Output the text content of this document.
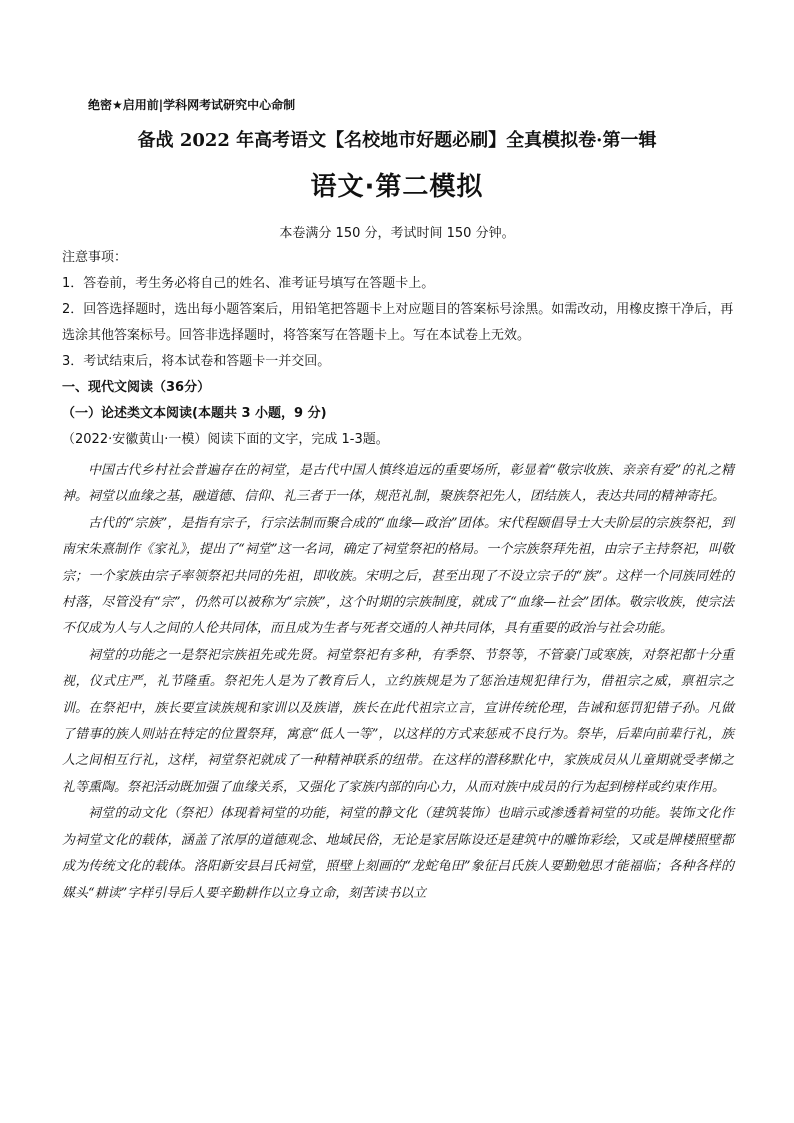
绝密★启用前|学科网考试研究中心命制
备战 2022 年高考语文【名校地市好题必刷】全真模拟卷·第一辑
语文·第二模拟
本卷满分 150 分，考试时间 150 分钟。

注意事项：

1．答卷前，考生务必将自己的姓名、准考证号填写在答题卡上。

2．回答选择题时，选出每小题答案后，用铅笔把答题卡上对应题目的答案标号涂黑。如需改动，用橡皮擦干净后，再选涂其他答案标号。回答非选择题时，将答案写在答题卡上。写在本试卷上无效。

3．考试结束后，将本试卷和答题卡一并交回。

一、现代文阅读（36分）

（一）论述类文本阅读(本题共 3 小题，9 分)

（2022·安徽黄山·一模）阅读下面的文字，完成 1-3题。

中国古代乡村社会普遍存在的祠堂，是古代中国人慎终追远的重要场所，彰显着“敬宗收族、亲亲有爱”的礼之精神。祠堂以血缘之基，融道德、信仰、礼三者于一体，规范礼制，聚族祭祀先人，团结族人，表达共同的精神寄托。

古代的“宗族”，是指有宗子，行宗法制而聚合成的“血缘—政治”团体。宋代程颐倡导士大夫阶层的宗族祭祀，到南宋朱熹制作《家礼》，提出了“祠堂”这一名词，确定了祠堂祭祀的格局。一个宗族祭拜先祖，由宗子主持祭祀，叫敬宗；一个家族由宗子率领祭祀共同的先祖，即收族。宋明之后，甚至出现了不设立宗子的“族”。这样一个同族同姓的村落，尽管没有“宗”，仍然可以被称为“宗族”，这个时期的宗族制度，就成了“血缘—社会”团体。敬宗收族，使宗法不仅成为人与人之间的人伦共同体，而且成为生者与死者交通的人神共同体，具有重要的政治与社会功能。

祠堂的功能之一是祭祀宗族祖先或先贤。祠堂祭祀有多种，有季祭、节祭等，不管豪门或寒族，对祭祀都十分重视，仪式庄严，礼节隆重。祭祀先人是为了教育后人，立约族规是为了惩治违规犯律行为，借祖宗之威，禀祖宗之训。在祭祀中，族长要宣读族规和家训以及族谱，族长在此代祖宗立言，宣讲传统伦理，告诫和惩罚犯错子孙。凡做了错事的族人则站在特定的位置祭拜，寓意“低人一等”，以这样的方式来惩戒不良行为。祭毕，后辈向前辈行礼，族人之间相互行礼，这样，祠堂祭祀就成了一种精神联系的纽带。在这样的潜移默化中，家族成员从儿童期就受孝悌之礼等熏陶。祭祀活动既加强了血缘关系，又强化了家族内部的向心力，从而对族中成员的行为起到榜样或约束作用。

祠堂的动文化（祭祀）体现着祠堂的功能，祠堂的静文化（建筑装饰）也暗示或渗透着祠堂的功能。装饰文化作为祠堂文化的载体，涵盖了浓厚的道德观念、地域民俗，无论是家居陈设还是建筑中的雕饰彩绘，又或是牌楼照壁都成为传统文化的载体。洛阳新安县吕氏祠堂，照壁上刻画的“龙蛇龟田”象征吕氏族人要勤勉思才能福临；各种各样的媒头“耕读”字样引导后人要辛勤耕作以立身立命，刻苦读书以立
